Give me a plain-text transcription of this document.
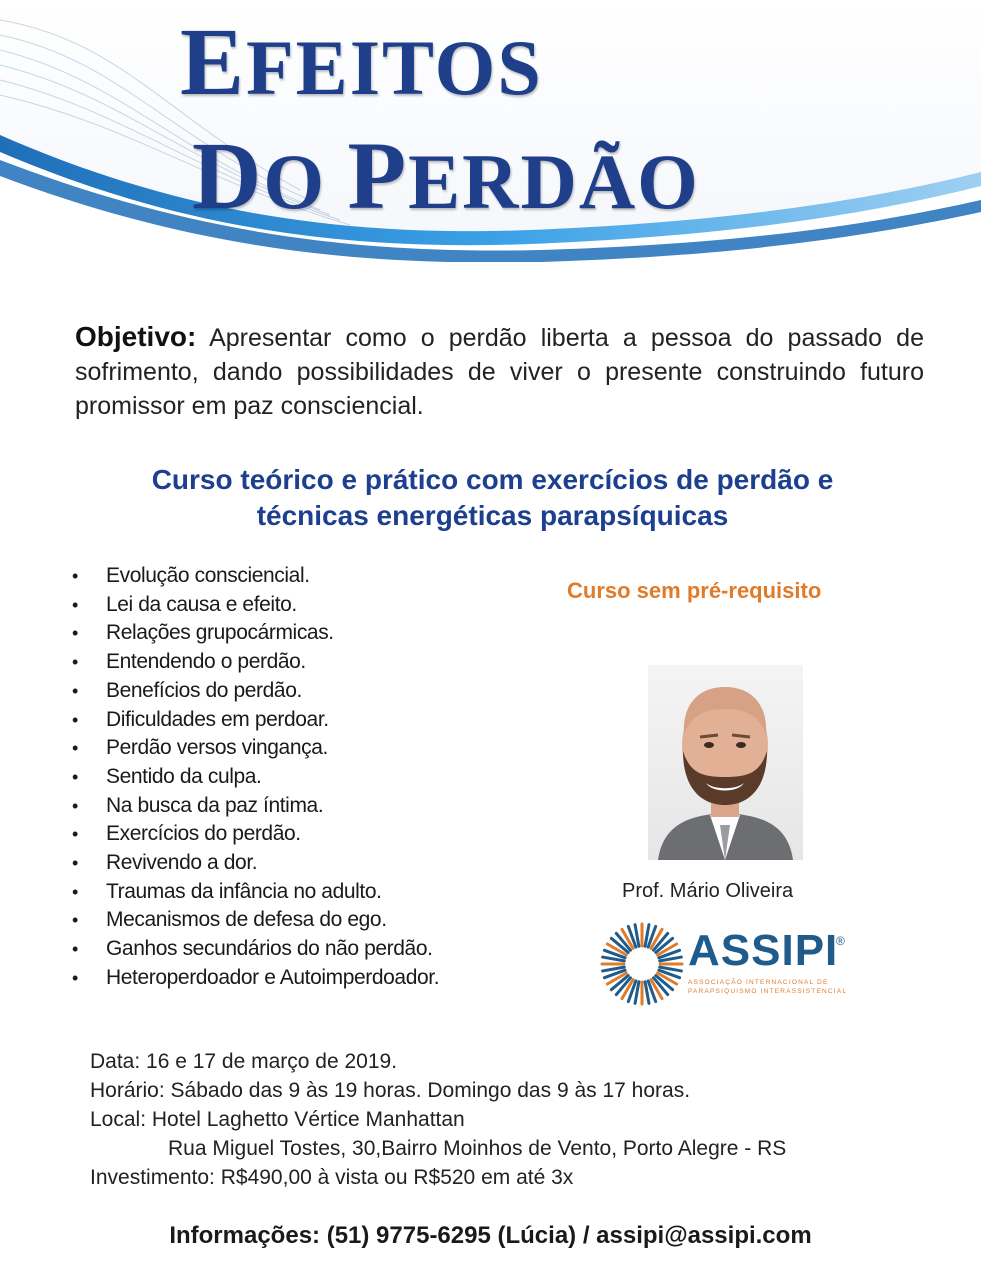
EFEITOS
DO PERDÃO
Objetivo: Apresentar como o perdão liberta a pessoa do passado de sofrimento, dando possibilidades de viver o presente construindo futuro promissor em paz consciencial.
Curso teórico e prático com exercícios de perdão e
técnicas energéticas parapsíquicas
• Evolução consciencial.
• Lei da causa e efeito.
• Relações grupocármicas.
• Entendendo o perdão.
• Benefícios do perdão.
• Dificuldades em perdoar.
• Perdão versos vingança.
• Sentido da culpa.
• Na busca da paz íntima.
• Exercícios do perdão.
• Revivendo a dor.
• Traumas da infância no adulto.
• Mecanismos de defesa do ego.
• Ganhos secundários do não perdão.
• Heteroperdoador e Autoimperdoador.
Curso sem pré-requisito
Prof. Mário Oliveira
ASSIPI
®
ASSOCIAÇÃO INTERNACIONAL DE
PARAPSIQUISMO INTERASSISTENCIAL
Data: 16 e 17 de março de 2019.
Horário: Sábado das 9 às 19 horas. Domingo das 9 às 17 horas.
Local: Hotel Laghetto Vértice Manhattan
Rua Miguel Tostes, 30,Bairro Moinhos de Vento, Porto Alegre - RS
Investimento: R$490,00 à vista ou R$520 em até 3x
Informações: (51) 9775-6295 (Lúcia) / assipi@assipi.com
